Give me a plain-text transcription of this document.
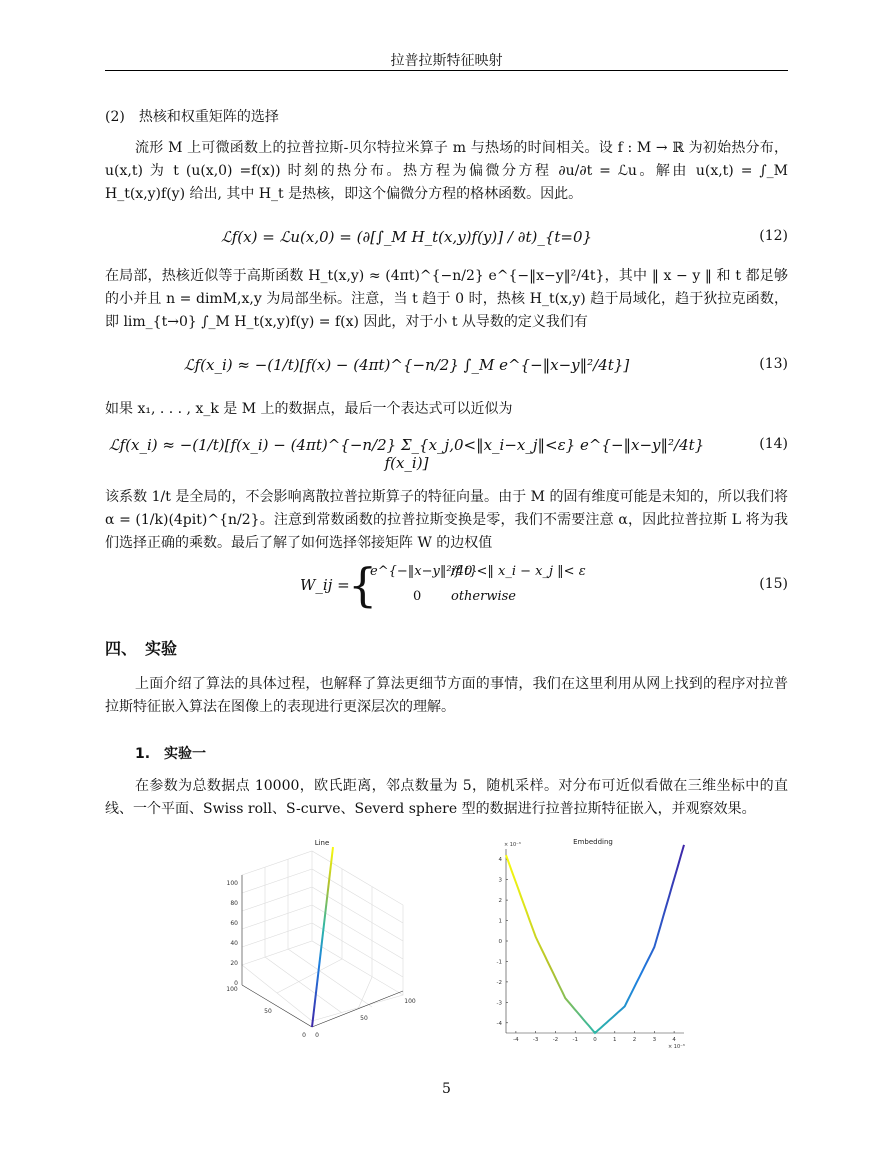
拉普拉斯特征映射
(2)　热核和权重矩阵的选择
流形 M 上可微函数上的拉普拉斯-贝尔特拉米算子 m 与热场的时间相关。设 f : M → ℝ 为初始热分布，u(x,t) 为 t (u(x,0) =f(x)) 时刻的热分布。热方程为偏微分方程 ∂u/∂t = ℒu。解由 u(x,t) = ∫_M H_t(x,y)f(y) 给出, 其中 H_t 是热核，即这个偏微分方程的格林函数。因此。
ℒf(x) = ℒu(x,0) = (∂[∫_M H_t(x,y)f(y)] / ∂t)_{t=0}	(12)
在局部，热核近似等于高斯函数 H_t(x,y) ≈ (4πt)^{−n/2} e^{−‖x−y‖²/4t}，其中 ‖ x − y ‖ 和 t 都足够的小并且 n = dimM,x,y 为局部坐标。注意，当 t 趋于 0 时，热核 H_t(x,y) 趋于局域化，趋于狄拉克函数，即 lim_{t→0} ∫_M H_t(x,y)f(y) = f(x) 因此，对于小 t 从导数的定义我们有
ℒf(x_i) ≈ −(1/t)[f(x) − (4πt)^{−n/2} ∫_M e^{−‖x−y‖²/4t}]	(13)
如果 x₁, . . . , x_k 是 M 上的数据点，最后一个表达式可以近似为
ℒf(x_i) ≈ −(1/t)[f(x_i) − (4πt)^{−n/2} Σ_{x_j,0<‖x_i−x_j‖<ε} e^{−‖x−y‖²/4t} f(x_i)]
(14)
该系数 1/t 是全局的，不会影响离散拉普拉斯算子的特征向量。由于 M 的固有维度可能是未知的，所以我们将 α = (1/k)(4pit)^{n/2}。注意到常数函数的拉普拉斯变换是零，我们不需要注意 α，因此拉普拉斯 L 将为我们选择正确的乘数。最后了解了如何选择邻接矩阵 W 的边权值
W_ij =
{
e^{−‖x−y‖²/4t}
if 0 <‖ x_i − x_j ‖< ε
0 otherwise
(15)
四、　实验
上面介绍了算法的具体过程，也解释了算法更细节方面的事情，我们在这里利用从网上找到的程序对拉普拉斯特征嵌入算法在图像上的表现进行更深层次的理解。
1.　实验一
在参数为总数据点 10000，欧氏距离，邻点数量为 5，随机采样。对分布可近似看做在三维坐标中的直线、一个平面、Swiss roll、S-curve、Severd sphere 型的数据进行拉普拉斯特征嵌入，并观察效果。
Line
100
80
60
40
20
0
100
50
0 0
50
100
Embedding
× 10⁻³
× 10⁻³
-4	-3	-2	-1	0	1	2	3	4
-4
-3
-2
-1
0
1
2
3
4
5
